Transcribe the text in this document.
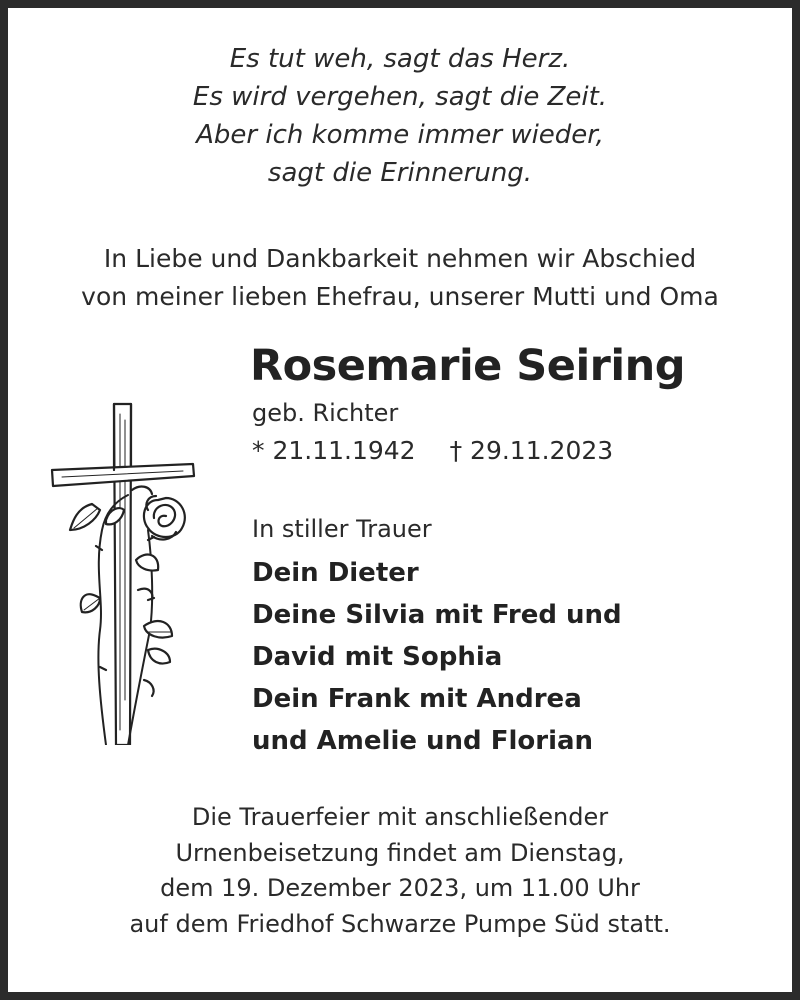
Es tut weh, sagt das Herz.
Es wird vergehen, sagt die Zeit.
Aber ich komme immer wieder,
sagt die Erinnerung.
In Liebe und Dankbarkeit nehmen wir Abschied
von meiner lieben Ehefrau, unserer Mutti und Oma
Rosemarie Seiring
geb. Richter
* 21.11.1942 † 29.11.2023
In stiller Trauer
Dein Dieter
Deine Silvia mit Fred und
David mit Sophia
Dein Frank mit Andrea
und Amelie und Florian
Die Trauerfeier mit anschließender
Urnenbeisetzung findet am Dienstag,
dem 19. Dezember 2023, um 11.00 Uhr
auf dem Friedhof Schwarze Pumpe Süd statt.
